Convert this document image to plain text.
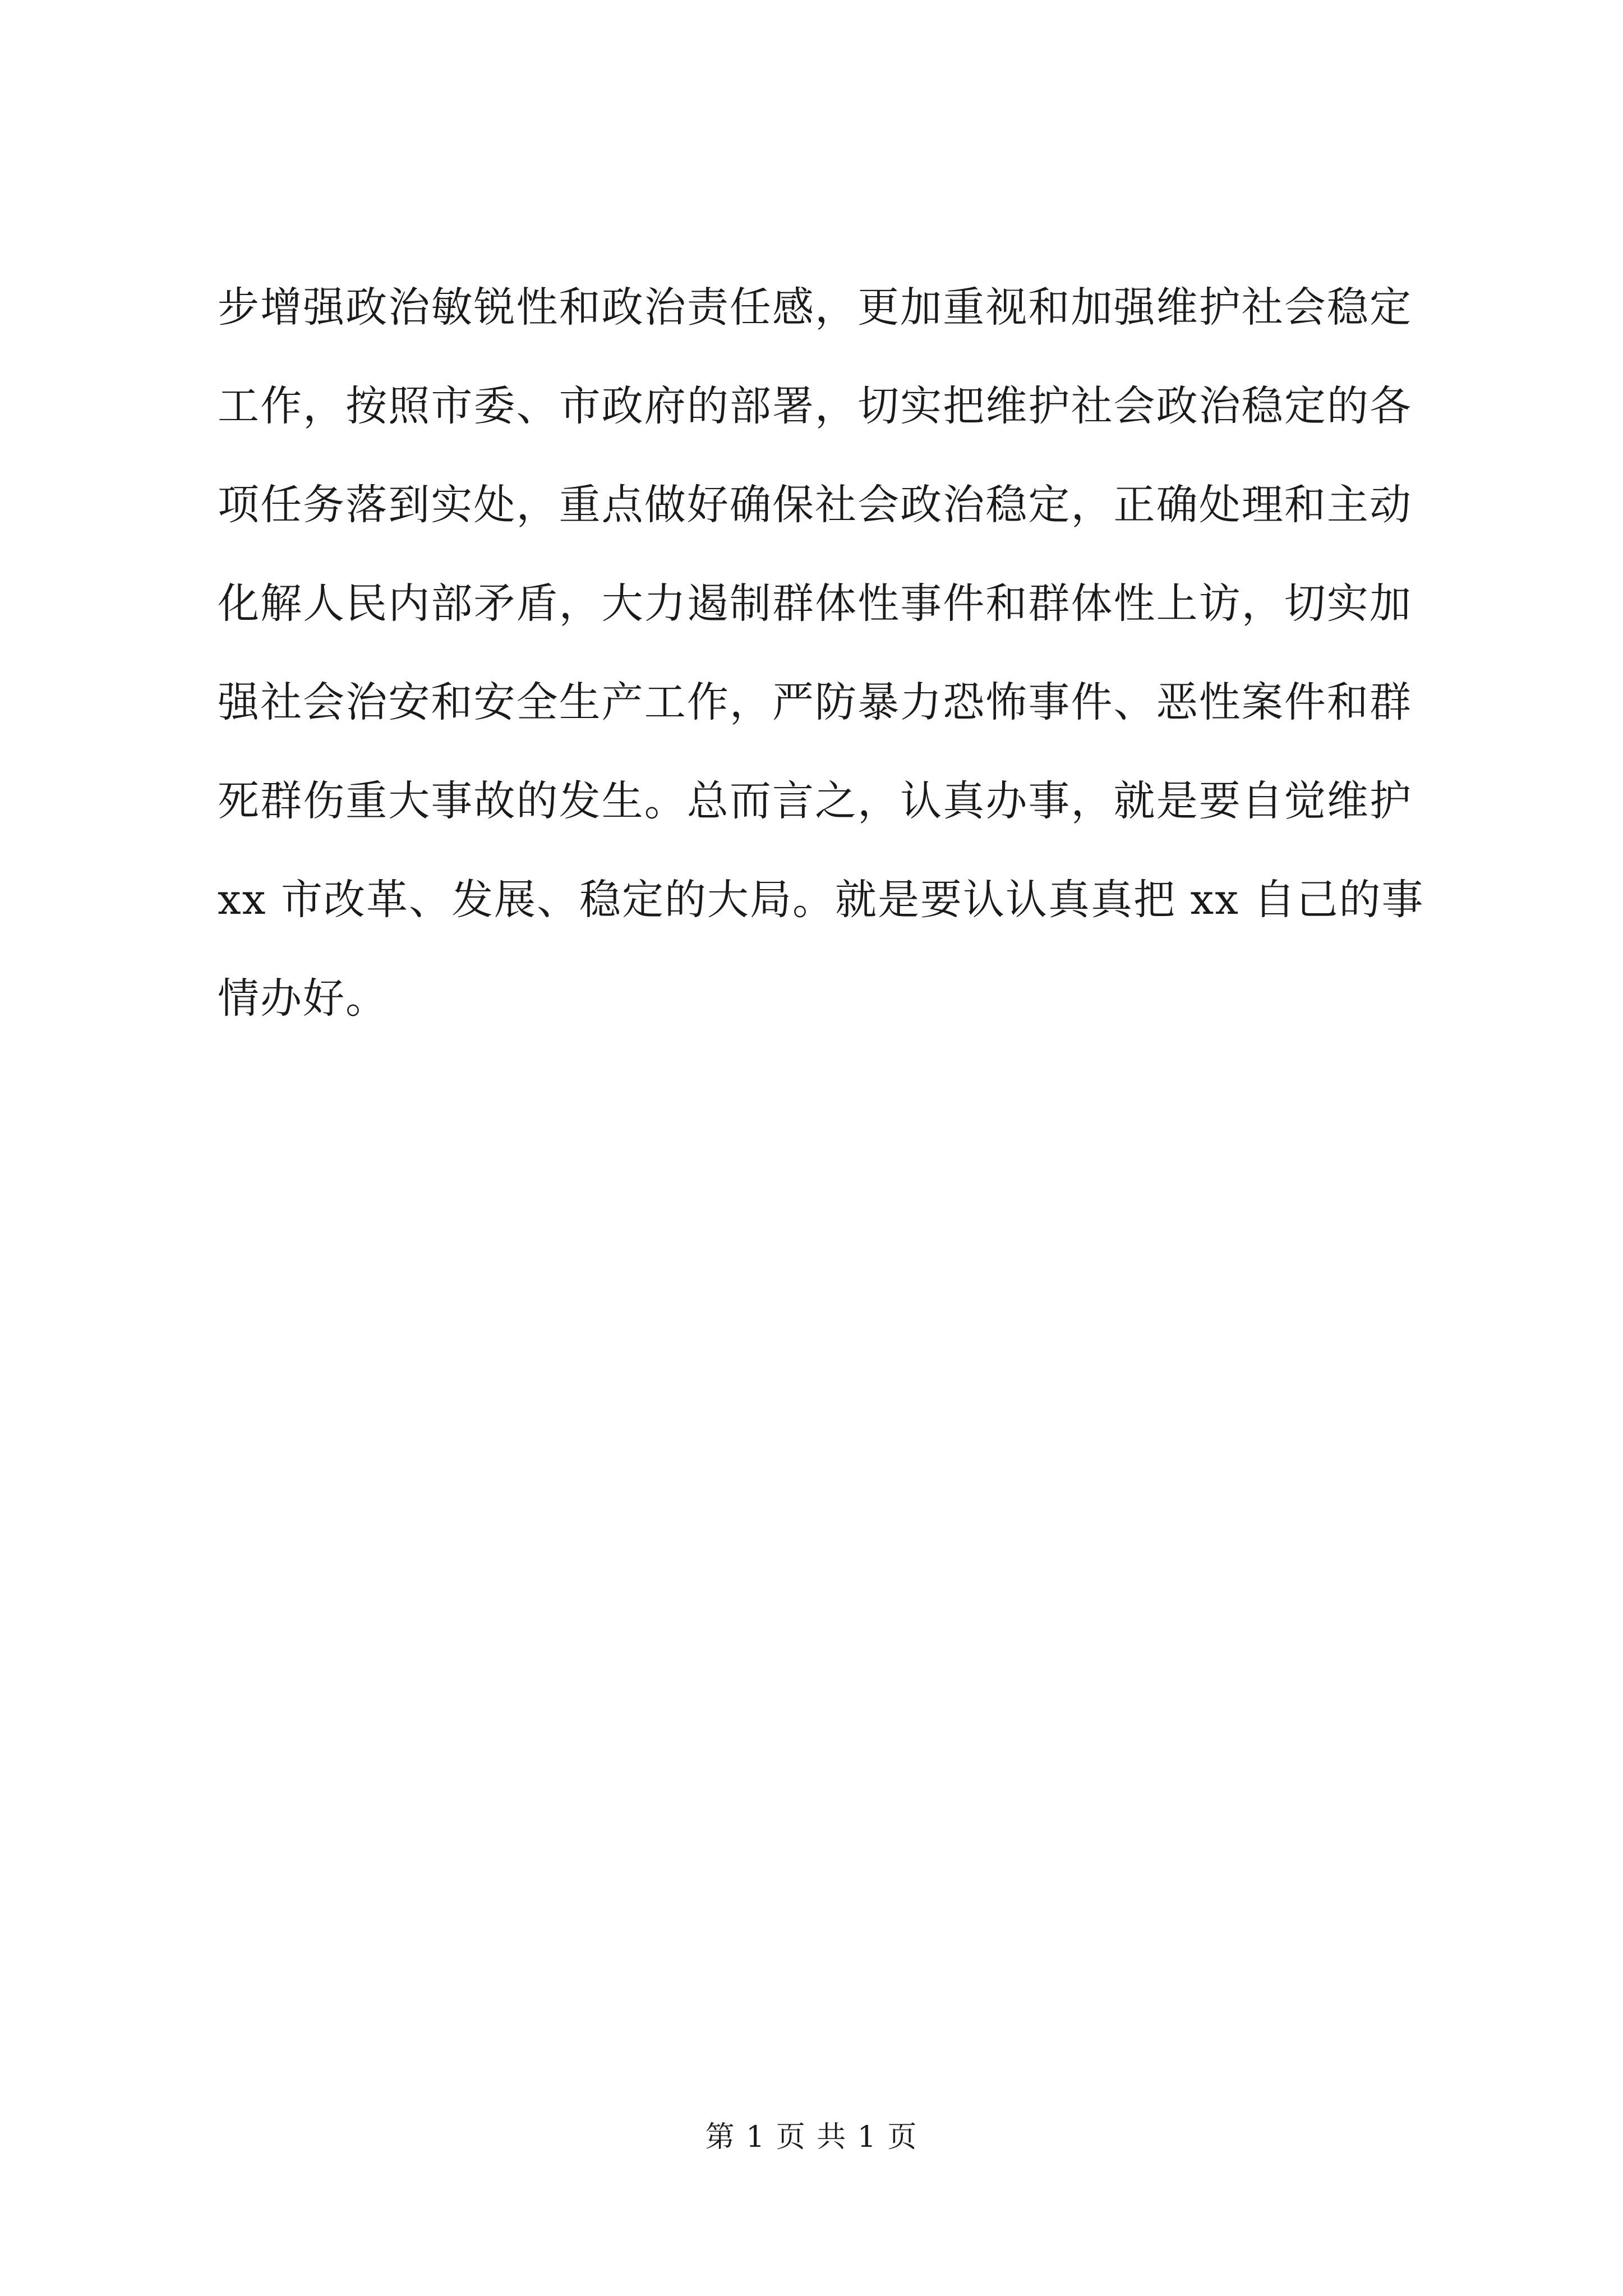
步增强政治敏锐性和政治责任感，更加重视和加强维护社会稳定
工作，按照市委、市政府的部署，切实把维护社会政治稳定的各
项任务落到实处，重点做好确保社会政治稳定，正确处理和主动
化解人民内部矛盾，大力遏制群体性事件和群体性上访，切实加
强社会治安和安全生产工作，严防暴力恐怖事件、恶性案件和群
死群伤重大事故的发生。总而言之，认真办事，就是要自觉维护
xx 市改革、发展、稳定的大局。就是要认认真真把 xx 自己的事
情办好。
第 1 页 共 1 页
